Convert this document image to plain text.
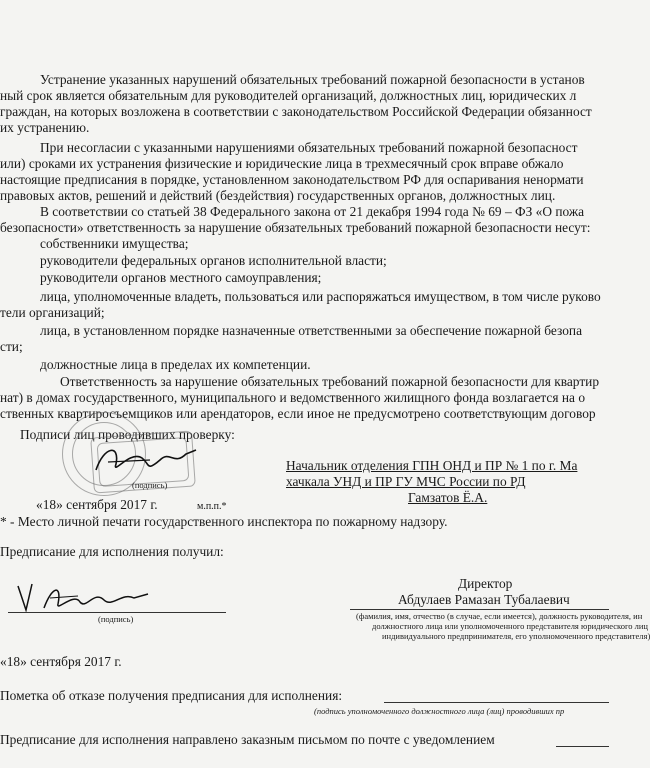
Устранение указанных нарушений обязательных требований пожарной безопасности в установ
ный срок является обязательным для руководителей организаций, должностных лиц, юридических л
граждан, на которых возложена в соответствии с законодательством Российской Федерации обязанност
их устранению.
При несогласии с указанными нарушениями обязательных требований пожарной безопасност
или) сроками их устранения физические и юридические лица в трехмесячный срок вправе обжало
настоящие предписания в порядке, установленном законодательством РФ для оспаривания ненормати
правовых актов, решений и действий (бездействия) государственных органов, должностных лиц.
В соответствии со статьей 38 Федерального закона от 21 декабря 1994 года № 69 – ФЗ «О пожа
безопасности» ответственность за нарушение обязательных требований пожарной безопасности несут:
собственники имущества;
руководители федеральных органов исполнительной власти;
руководители органов местного самоуправления;
лица, уполномоченные владеть, пользоваться или распоряжаться имуществом, в том числе руково
тели организаций;
лица, в установленном порядке назначенные ответственными за обеспечение пожарной безопа
сти;
должностные лица в пределах их компетенции.
Ответственность за нарушение обязательных требований пожарной безопасности для квартир
нат) в домах государственного, муниципального и ведомственного жилищного фонда возлагается на о
ственных квартиросъемщиков или арендаторов, если иное не предусмотрено соответствующим договор
Подписи лиц проводивших проверку:
(подпись)
Начальник отделения ГПН ОНД и ПР № 1 по г. Ма
хачкала УНД и ПР ГУ МЧС России по РД
Гамзатов Ё.А.
«18» сентября 2017 г.	м.п.п.*
* - Место личной печати государственного инспектора по пожарному надзору.
Предписание для исполнения получил:
(подпись)
Директор
Абдулаев Рамазан Тубалаевич
(фамилия, имя, отчество (в случае, если имеется), должность руководителя, ин
должностного лица или уполномоченного представителя юридического лиц
индивидуального предпринимателя, его уполномоченного представителя)
«18» сентября 2017 г.
Пометка об отказе получения предписания для исполнения:
(подпись уполномоченного должностного лица (лиц) проводивших пр
Предписание для исполнения направлено заказным письмом по почте с уведомлением
